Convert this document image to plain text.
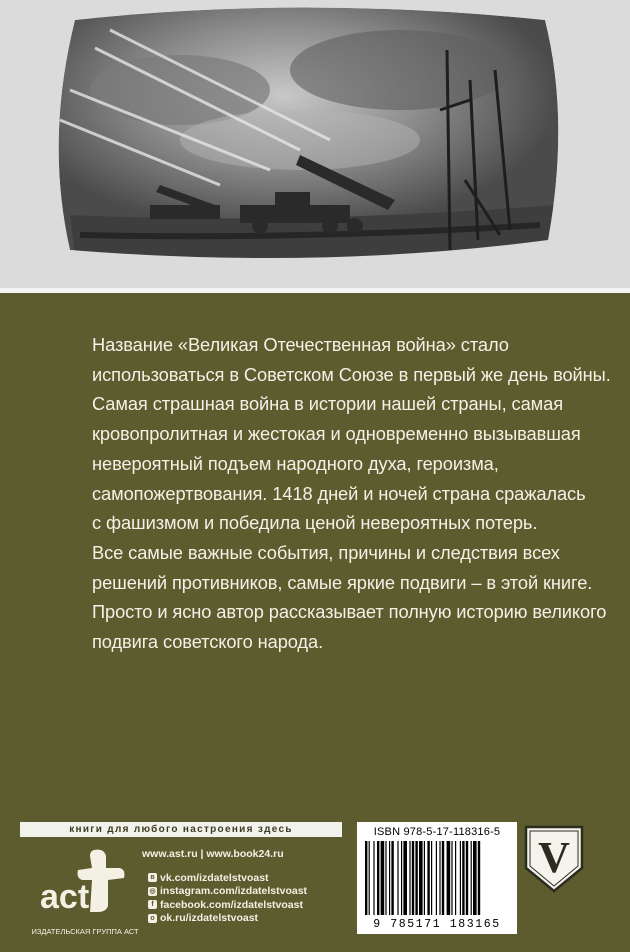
Название «Великая Отечественная война» стало
использоваться в Советском Союзе в первый же день войны.
Самая страшная война в истории нашей страны, самая
кровопролитная и жестокая и одновременно вызывавшая
невероятный подъем народного духа, героизма,
самопожертвования. 1418 дней и ночей страна сражалась
с фашизмом и победила ценой невероятных потерь.
Все самые важные события, причины и следствия всех
решений противников, самые яркие подвиги – в этой книге.
Просто и ясно автор рассказывает полную историю великого
подвига советского народа.
книги для любого настроения здесь
act
ИЗДАТЕЛЬСКАЯ ГРУППА АСТ
www.ast.ru | www.book24.ru
в vk.com/izdatelstvoast
◎ instagram.com/izdatelstvoast
f facebook.com/izdatelstvoast
о ok.ru/izdatelstvoast
ISBN 978-5-17-118316-5
9 785171 183165
V
